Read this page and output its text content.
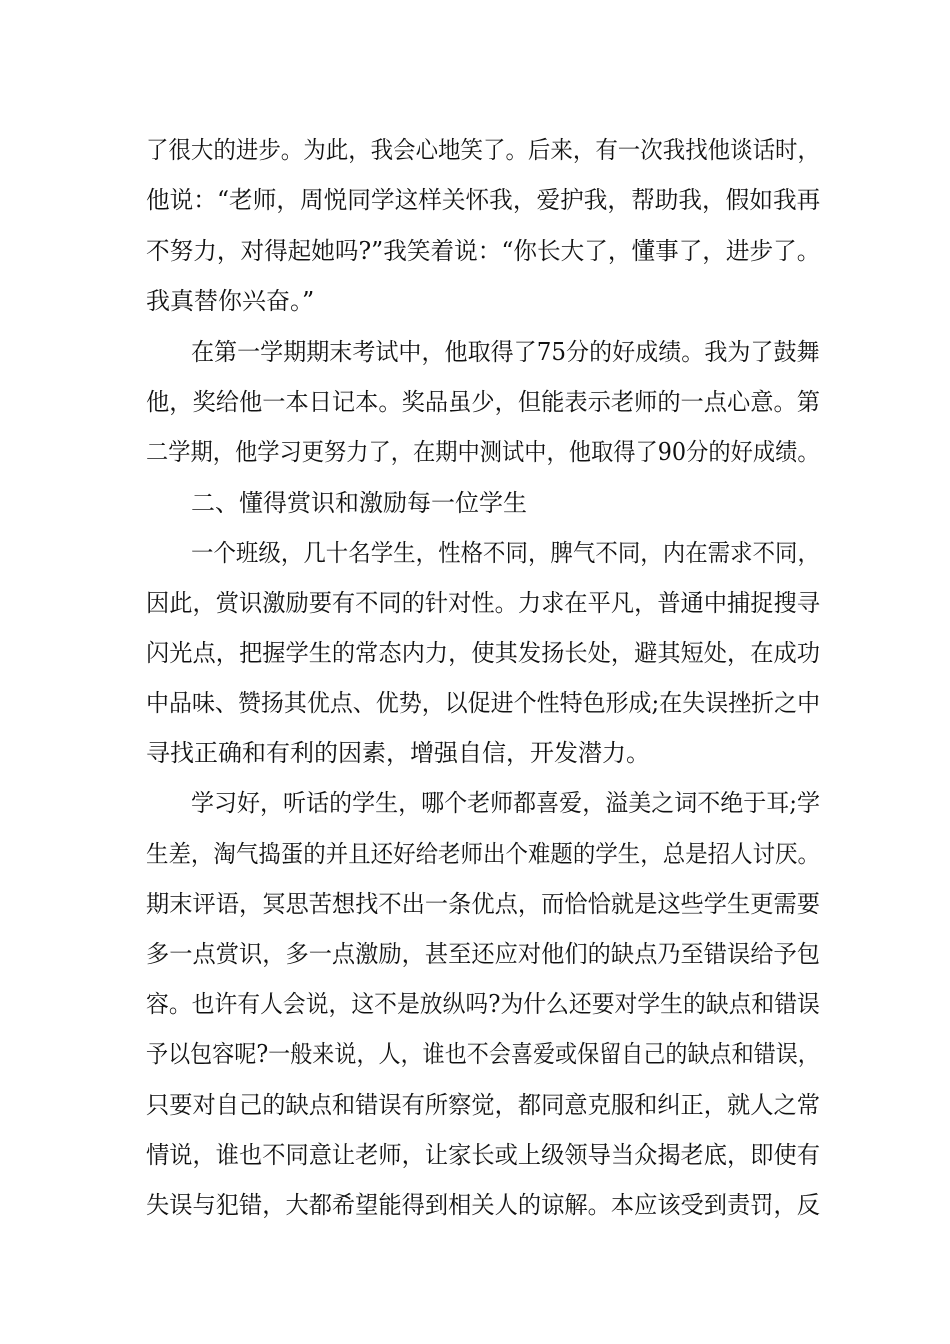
了很大的进步。为此，我会心地笑了。后来，有一次我找他谈话时，
他说：“老师，周悦同学这样关怀我，爱护我，帮助我，假如我再
不努力，对得起她吗?”我笑着说：“你长大了，懂事了，进步了。
我真替你兴奋。”
在第一学期期末考试中，他取得了75分的好成绩。我为了鼓舞
他，奖给他一本日记本。奖品虽少，但能表示老师的一点心意。第
二学期，他学习更努力了，在期中测试中，他取得了90分的好成绩。
二、懂得赏识和激励每一位学生
一个班级，几十名学生，性格不同，脾气不同，内在需求不同，
因此，赏识激励要有不同的针对性。力求在平凡，普通中捕捉搜寻
闪光点，把握学生的常态内力，使其发扬长处，避其短处，在成功
中品味、赞扬其优点、优势，以促进个性特色形成;在失误挫折之中
寻找正确和有利的因素，增强自信，开发潜力。
学习好，听话的学生，哪个老师都喜爱，溢美之词不绝于耳;学
生差，淘气捣蛋的并且还好给老师出个难题的学生，总是招人讨厌。
期末评语，冥思苦想找不出一条优点，而恰恰就是这些学生更需要
多一点赏识，多一点激励，甚至还应对他们的缺点乃至错误给予包
容。也许有人会说，这不是放纵吗?为什么还要对学生的缺点和错误
予以包容呢?一般来说，人，谁也不会喜爱或保留自己的缺点和错误，
只要对自己的缺点和错误有所察觉，都同意克服和纠正，就人之常
情说，谁也不同意让老师，让家长或上级领导当众揭老底，即使有
失误与犯错，大都希望能得到相关人的谅解。本应该受到责罚，反
